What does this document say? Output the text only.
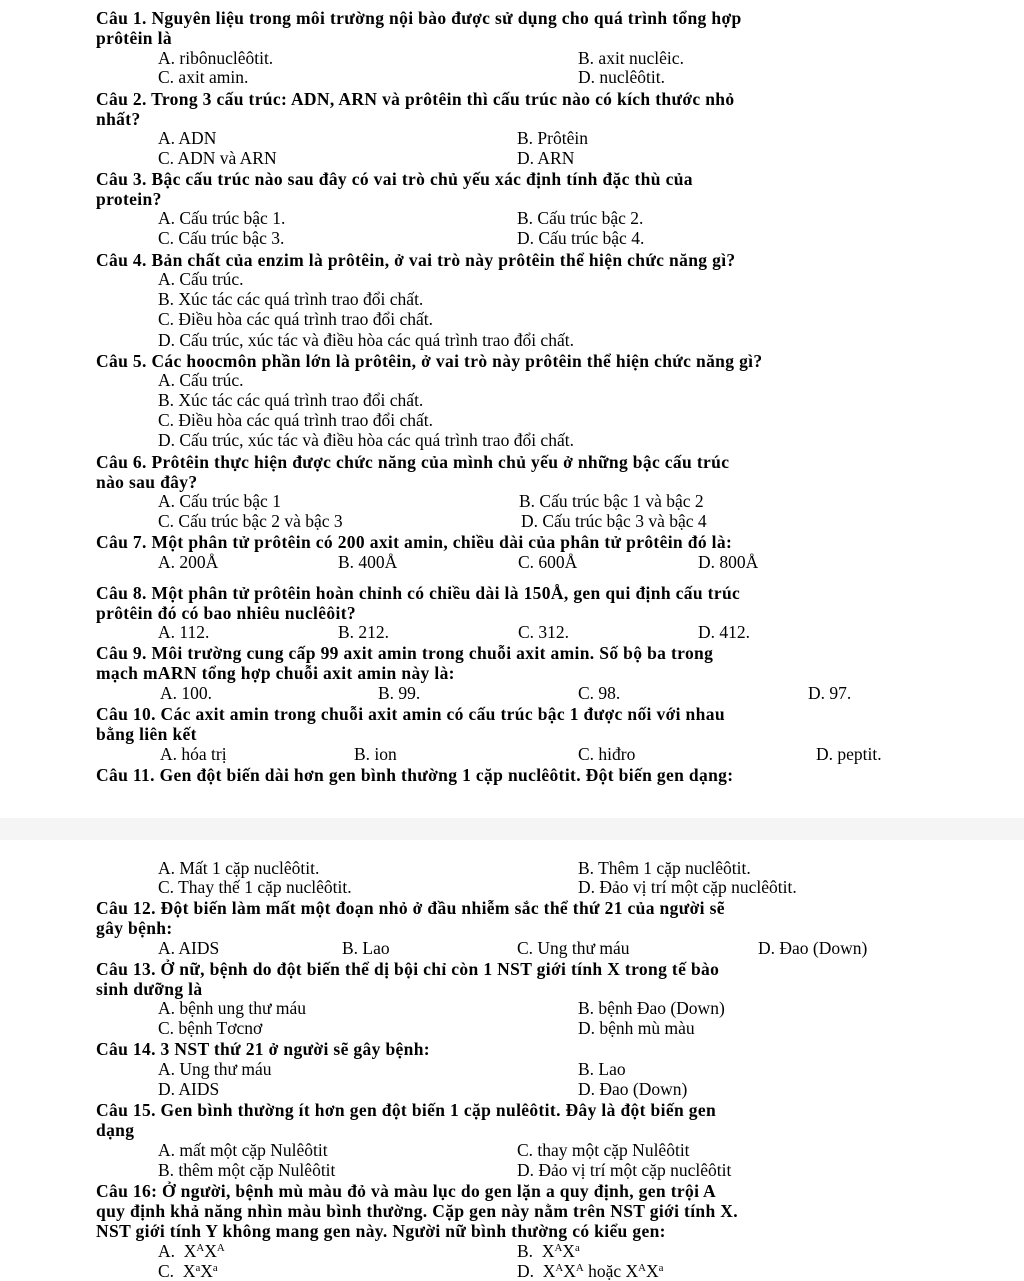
Câu 1. Nguyên liệu trong môi trường nội bào được sử dụng cho quá trình tổng hợp
prôtêin là
A. ribônuclêôtit.	B. axit nuclêic.
C. axit amin.	D. nuclêôtit.
Câu 2. Trong 3 cấu trúc: ADN, ARN và prôtêin thì cấu trúc nào có kích thước nhỏ
nhất?
A. ADN	B. Prôtêin
C. ADN và ARN	D. ARN
Câu 3. Bậc cấu trúc nào sau đây có vai trò chủ yếu xác định tính đặc thù của
protein?
A. Cấu trúc bậc 1.	B. Cấu trúc bậc 2.
C. Cấu trúc bậc 3.	D. Cấu trúc bậc 4.
Câu 4. Bản chất của enzim là prôtêin, ở vai trò này prôtêin thể hiện chức năng gì?
A. Cấu trúc.
B. Xúc tác các quá trình trao đổi chất.
C. Điều hòa các quá trình trao đổi chất.
D. Cấu trúc, xúc tác và điều hòa các quá trình trao đổi chất.
Câu 5. Các hoocmôn phần lớn là prôtêin, ở vai trò này prôtêin thể hiện chức năng gì?
A. Cấu trúc.
B. Xúc tác các quá trình trao đổi chất.
C. Điều hòa các quá trình trao đổi chất.
D. Cấu trúc, xúc tác và điều hòa các quá trình trao đổi chất.
Câu 6. Prôtêin thực hiện được chức năng của mình chủ yếu ở những bậc cấu trúc
nào sau đây?
A. Cấu trúc bậc 1	B. Cấu trúc bậc 1 và bậc 2
C. Cấu trúc bậc 2 và bậc 3	D. Cấu trúc bậc 3 và bậc 4
Câu 7. Một phân tử prôtêin có 200 axit amin, chiều dài của phân tử prôtêin đó là:
A. 200Å	B. 400Å	C. 600Å	D. 800Å
Câu 8. Một phân tử prôtêin hoàn chỉnh có chiều dài là 150Å, gen qui định cấu trúc
prôtêin đó có bao nhiêu nuclêôit?
A. 112.	B. 212.	C. 312.	D. 412.
Câu 9. Môi trường cung cấp 99 axit amin trong chuỗi axit amin. Số bộ ba trong
mạch mARN tổng hợp chuỗi axit amin này là:
A. 100.	B. 99.	C. 98.	D. 97.
Câu 10. Các axit amin trong chuỗi axit amin có cấu trúc bậc 1 được nối với nhau
bằng liên kết
A. hóa trị	B. ion	C. hiđro	D. peptit.
Câu 11. Gen đột biến dài hơn gen bình thường 1 cặp nuclêôtit. Đột biến gen dạng:
A. Mất 1 cặp nuclêôtit.	B. Thêm 1 cặp nuclêôtit.
C. Thay thế 1 cặp nuclêôtit.	D. Đảo vị trí một cặp nuclêôtit.
Câu 12. Đột biến làm mất một đoạn nhỏ ở đầu nhiễm sắc thể thứ 21 của người sẽ
gây bệnh:
A. AIDS	B. Lao	C. Ung thư máu	D. Đao (Down)
Câu 13. Ở nữ, bệnh do đột biến thể dị bội chỉ còn 1 NST giới tính X trong tế bào
sinh dưỡng là
A. bệnh ung thư máu	B. bệnh Đao (Down)
C. bệnh Tơcnơ	D. bệnh mù màu
Câu 14. 3 NST thứ 21 ở người sẽ gây bệnh:
A. Ung thư máu	B. Lao
D. AIDS	D. Đao (Down)
Câu 15. Gen bình thường ít hơn gen đột biến 1 cặp nulêôtit. Đây là đột biến gen
dạng
A. mất một cặp Nulêôtit	C. thay một cặp Nulêôtit
B. thêm một cặp Nulêôtit	D. Đảo vị trí một cặp nuclêôtit
Câu 16: Ở người, bệnh mù màu đỏ và màu lục do gen lặn a quy định, gen trội A
quy định khả năng nhìn màu bình thường. Cặp gen này nằm trên NST giới tính X.
NST giới tính Y không mang gen này. Người nữ bình thường có kiểu gen:
A. $X^AX^A$	B. $X^AX^a$
C. $X^aX^a$	D. $X^AX^A$ hoặc $X^AX^a$
